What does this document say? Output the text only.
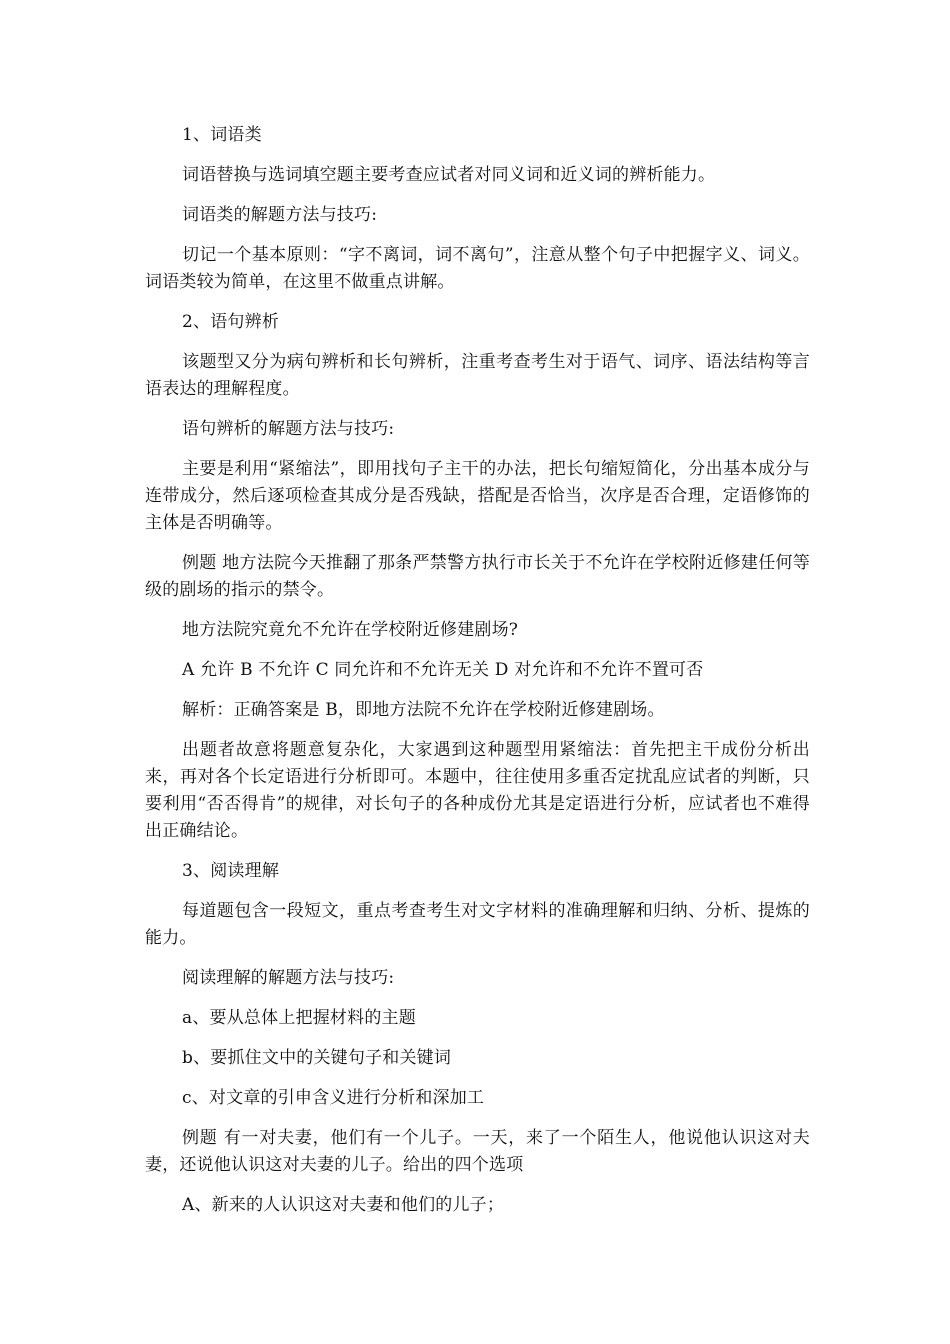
1、词语类

词语替换与选词填空题主要考查应试者对同义词和近义词的辨析能力。

词语类的解题方法与技巧:

切记一个基本原则：“字不离词，词不离句”，注意从整个句子中把握字义、词义。词语类较为简单，在这里不做重点讲解。

2、语句辨析

该题型又分为病句辨析和长句辨析，注重考查考生对于语气、词序、语法结构等言语表达的理解程度。

语句辨析的解题方法与技巧:

主要是利用“紧缩法”，即用找句子主干的办法，把长句缩短简化，分出基本成分与连带成分，然后逐项检查其成分是否残缺，搭配是否恰当，次序是否合理，定语修饰的主体是否明确等。

例题 地方法院今天推翻了那条严禁警方执行市长关于不允许在学校附近修建任何等级的剧场的指示的禁令。

地方法院究竟允不允许在学校附近修建剧场?

A 允许 B 不允许 C 同允许和不允许无关 D 对允许和不允许不置可否

解析：正确答案是 B，即地方法院不允许在学校附近修建剧场。

出题者故意将题意复杂化，大家遇到这种题型用紧缩法：首先把主干成份分析出来，再对各个长定语进行分析即可。本题中，往往使用多重否定扰乱应试者的判断，只要利用“否否得肯”的规律，对长句子的各种成份尤其是定语进行分析，应试者也不难得出正确结论。

3、阅读理解

每道题包含一段短文，重点考查考生对文字材料的准确理解和归纳、分析、提炼的能力。

阅读理解的解题方法与技巧:

a、要从总体上把握材料的主题

b、要抓住文中的关键句子和关键词

c、对文章的引申含义进行分析和深加工

例题 有一对夫妻，他们有一个儿子。一天，来了一个陌生人，他说他认识这对夫妻，还说他认识这对夫妻的儿子。给出的四个选项

A、新来的人认识这对夫妻和他们的儿子；
